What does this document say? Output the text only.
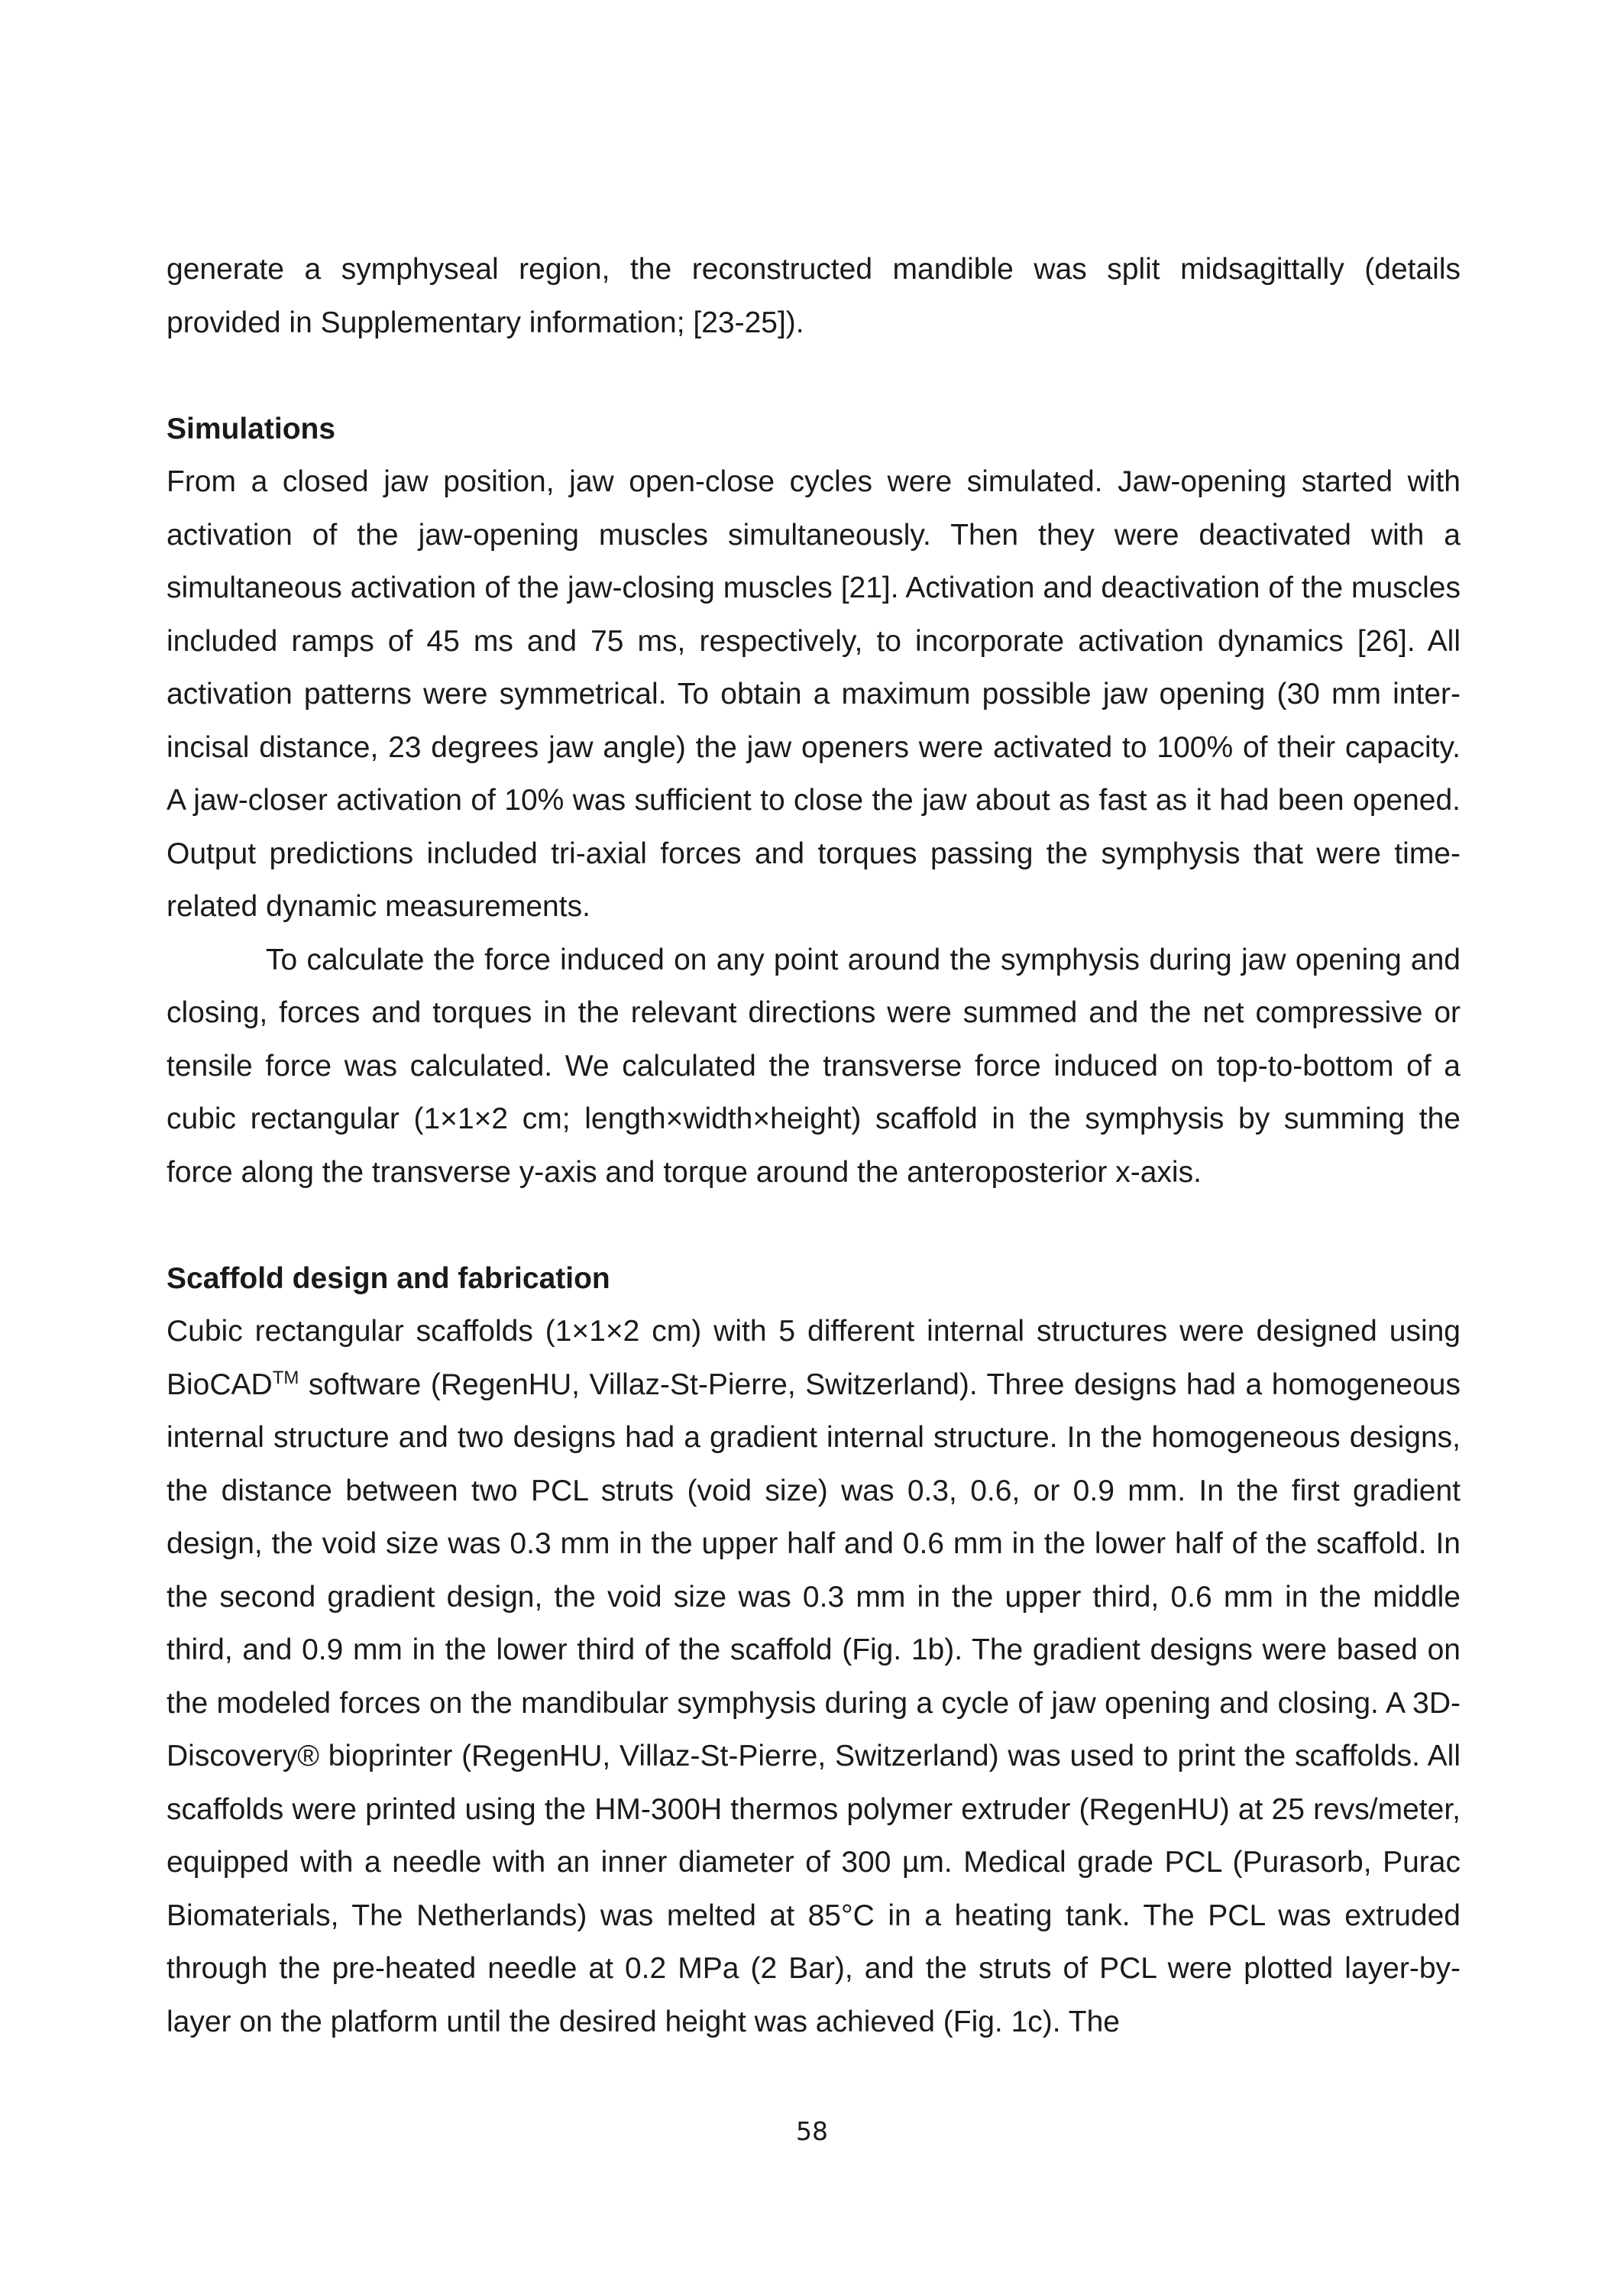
generate a symphyseal region, the reconstructed mandible was split midsagittally (details provided in Supplementary information; [23-25]).

Simulations

From a closed jaw position, jaw open-close cycles were simulated. Jaw-opening started with activation of the jaw-opening muscles simultaneously. Then they were deactivated with a simultaneous activation of the jaw-closing muscles [21]. Activation and deactivation of the muscles included ramps of 45 ms and 75 ms, respectively, to incorporate activation dynamics [26]. All activation patterns were symmetrical. To obtain a maximum possible jaw opening (30 mm inter-incisal distance, 23 degrees jaw angle) the jaw openers were activated to 100% of their capacity. A jaw-closer activation of 10% was sufficient to close the jaw about as fast as it had been opened. Output predictions included tri-axial forces and torques passing the symphysis that were time-related dynamic measurements.

To calculate the force induced on any point around the symphysis during jaw opening and closing, forces and torques in the relevant directions were summed and the net compressive or tensile force was calculated. We calculated the transverse force induced on top-to-bottom of a cubic rectangular (1×1×2 cm; length×width×height) scaffold in the symphysis by summing the force along the transverse y-axis and torque around the anteroposterior x-axis.

Scaffold design and fabrication

Cubic rectangular scaffolds (1×1×2 cm) with 5 different internal structures were designed using BioCAD™ software (RegenHU, Villaz-St-Pierre, Switzerland). Three designs had a homogeneous internal structure and two designs had a gradient internal structure. In the homogeneous designs, the distance between two PCL struts (void size) was 0.3, 0.6, or 0.9 mm. In the first gradient design, the void size was 0.3 mm in the upper half and 0.6 mm in the lower half of the scaffold. In the second gradient design, the void size was 0.3 mm in the upper third, 0.6 mm in the middle third, and 0.9 mm in the lower third of the scaffold (Fig. 1b). The gradient designs were based on the modeled forces on the mandibular symphysis during a cycle of jaw opening and closing. A 3D-Discovery® bioprinter (RegenHU, Villaz-St-Pierre, Switzerland) was used to print the scaffolds. All scaffolds were printed using the HM-300H thermos polymer extruder (RegenHU) at 25 revs/meter, equipped with a needle with an inner diameter of 300 µm. Medical grade PCL (Purasorb, Purac Biomaterials, The Netherlands) was melted at 85°C in a heating tank. The PCL was extruded through the pre-heated needle at 0.2 MPa (2 Bar), and the struts of PCL were plotted layer-by-layer on the platform until the desired height was achieved (Fig. 1c). The

58
